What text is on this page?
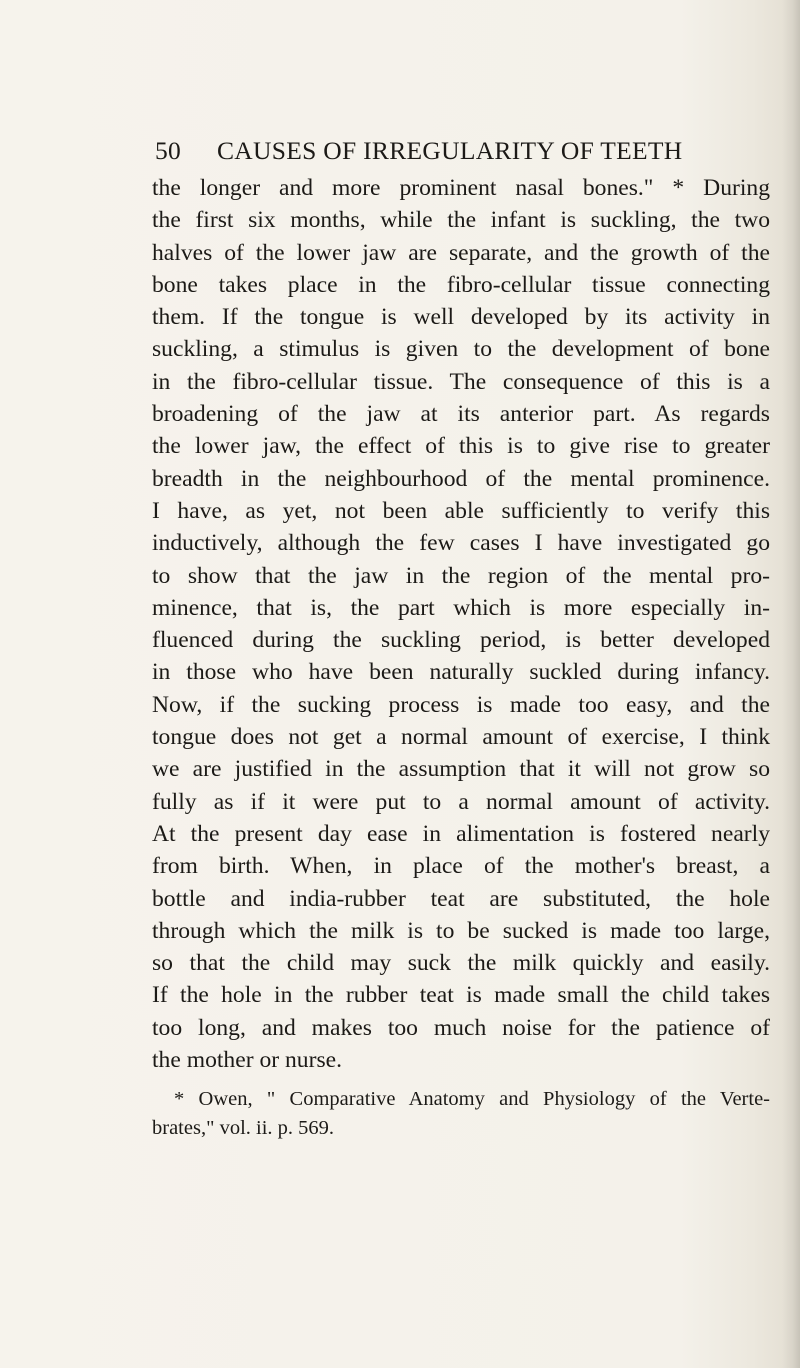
50 CAUSES OF IRREGULARITY OF TEETH
the longer and more prominent nasal bones." * During
the first six months, while the infant is suckling, the two
halves of the lower jaw are separate, and the growth of the
bone takes place in the fibro-cellular tissue connecting
them. If the tongue is well developed by its activity in
suckling, a stimulus is given to the development of bone
in the fibro-cellular tissue. The consequence of this is a
broadening of the jaw at its anterior part. As regards
the lower jaw, the effect of this is to give rise to greater
breadth in the neighbourhood of the mental prominence.
I have, as yet, not been able sufficiently to verify this
inductively, although the few cases I have investigated go
to show that the jaw in the region of the mental pro-
minence, that is, the part which is more especially in-
fluenced during the suckling period, is better developed
in those who have been naturally suckled during infancy.
Now, if the sucking process is made too easy, and the
tongue does not get a normal amount of exercise, I think
we are justified in the assumption that it will not grow so
fully as if it were put to a normal amount of activity.
At the present day ease in alimentation is fostered nearly
from birth. When, in place of the mother's breast, a
bottle and india-rubber teat are substituted, the hole
through which the milk is to be sucked is made too large,
so that the child may suck the milk quickly and easily.
If the hole in the rubber teat is made small the child takes
too long, and makes too much noise for the patience of
the mother or nurse.
* Owen, " Comparative Anatomy and Physiology of the Verte-
brates," vol. ii. p. 569.
